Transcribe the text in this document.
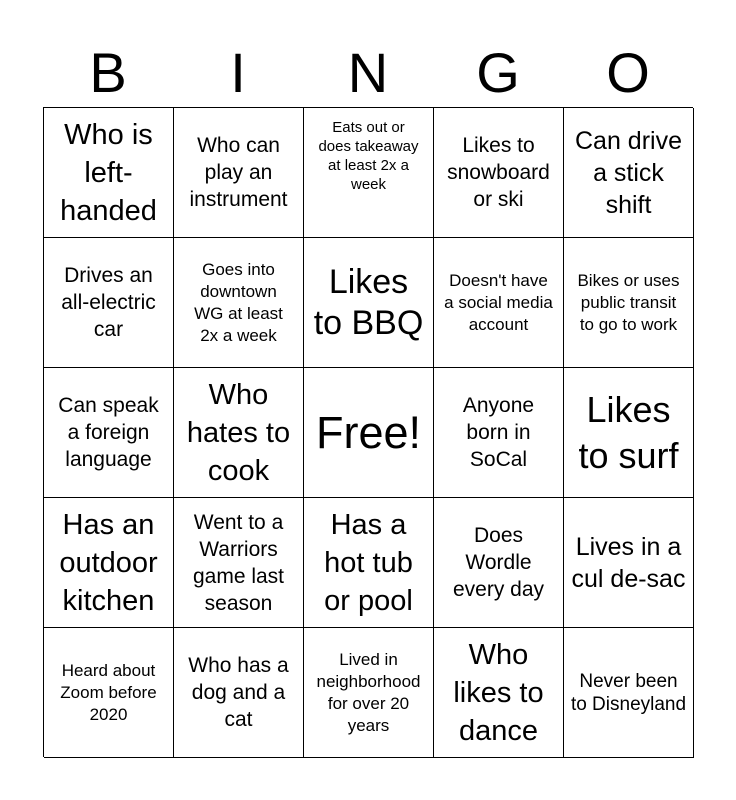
B	I	N	G	O
Who is left-handed
Who can play an instrument
Eats out or does takeaway at least 2x a week
Likes to snowboard or ski
Can drive a stick shift
Drives an all-electric car
Goes into downtown WG at least 2x a week
Likes to BBQ
Doesn't have a social media account
Bikes or uses public transit to go to work
Can speak a foreign language
Who hates to cook
Free!
Anyone born in SoCal
Likes to surf
Has an outdoor kitchen
Went to a Warriors game last season
Has a hot tub or pool
Does Wordle every day
Lives in a cul de-sac
Heard about Zoom before 2020
Who has a dog and a cat
Lived in neighborhood for over 20 years
Who likes to dance
Never been to Disneyland
